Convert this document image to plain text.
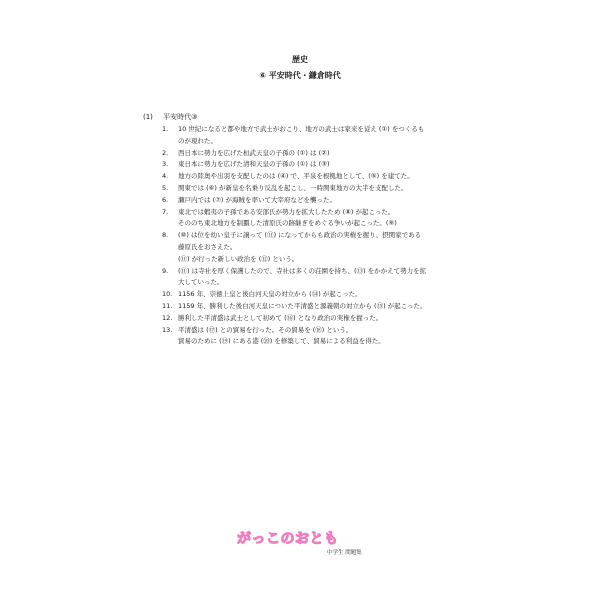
歴史
⑥ 平安時代・鎌倉時代
(1) 平安時代③
1.	10 世紀になると都や地方で武士がおこり、地方の武士は家来を従え (①) をつくるも
のが現れた。
2.	西日本に勢力を広げた桓武天皇の子孫の (①) は (②)
3.	東日本に勢力を広げた清和天皇の子孫の (①) は (③)
4.	地方の陸奥や出羽を支配したのは (④) で、平泉を根拠地として、(⑤) を建てた。
5.	関東では (⑥) が新皇を名乗り反乱を起こし、一時関東地方の大半を支配した。
6.	瀬戸内では (⑦) が海賊を率いて大宰府などを襲った。
7.	東北では蝦夷の子孫である安部氏が勢力を拡大したため (⑧) が起こった。
そののち東北地方を制覇した清原氏の跡継ぎをめぐる争いが起こった。(⑨)
8.	(⑩) は位を幼い皇子に譲って (⑪) になってからも政治の実権を握り、摂関家である
藤原氏をおさえた。
(⑪) が行った新しい政治を (⑫) という。
9.	(⑪) は寺社を厚く保護したので、寺社は多くの荘園を持ち、(⑬) をかかえて勢力を拡
大していった。
10. 1156 年、崇徳上皇と後白河天皇の対立から (⑭) が起こった。
11. 1159 年、勝利した後白河天皇についた平清盛と源義朝の対立から (⑮) が起こった。
12. 勝利した平清盛は武士として初めて (⑯) となり政治の実権を握った。
13. 平清盛は (⑰) との貿易を行った。その貿易を (⑱) という。
貿易のために (⑲) にある港 (⑳) を修築して、貿易による利益を得た。
がっこのおとも
中学生 問題集
